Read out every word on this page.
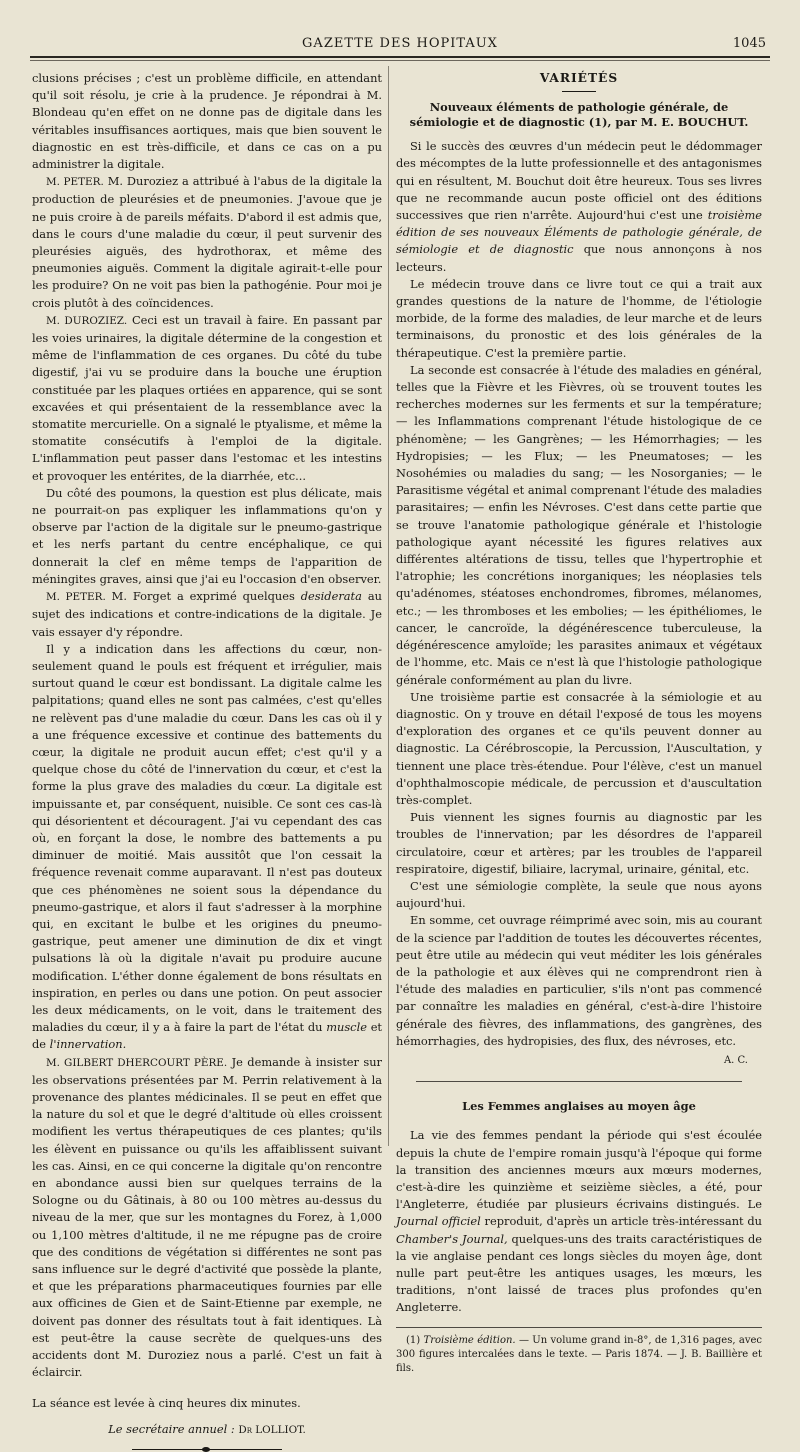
GAZETTE DES HOPITAUX	1045

clusions précises ; c'est un problème difficile, en attendant qu'il soit résolu, je crie à la prudence. Je répondrai à M. Blondeau qu'en effet on ne donne pas de digitale dans les véritables insuffisances aortiques, mais que bien souvent le diagnostic en est très-difficile, et dans ce cas on a pu administrer la digitale.

M. PETER. M. Duroziez a attribué à l'abus de la digitale la production de pleurésies et de pneumonies. J'avoue que je ne puis croire à de pareils méfaits. D'abord il est admis que, dans le cours d'une maladie du cœur, il peut survenir des pleurésies aiguës, des hydrothorax, et même des pneumonies aiguës. Comment la digitale agirait-t-elle pour les produire? On ne voit pas bien la pathogénie. Pour moi je crois plutôt à des coïncidences.

M. DUROZIEZ. Ceci est un travail à faire. En passant par les voies urinaires, la digitale détermine de la congestion et même de l'inflammation de ces organes. Du côté du tube digestif, j'ai vu se produire dans la bouche une éruption constituée par les plaques ortiées en apparence, qui se sont excavées et qui présentaient de la ressemblance avec la stomatite mercurielle. On a signalé le ptyalisme, et même la stomatite consécutifs à l'emploi de la digitale. L'inflammation peut passer dans l'estomac et les intestins et provoquer les entérites, de la diarrhée, etc...

Du côté des poumons, la question est plus délicate, mais ne pourrait-on pas expliquer les inflammations qu'on y observe par l'action de la digitale sur le pneumo-gastrique et les nerfs partant du centre encéphalique, ce qui donnerait la clef en même temps de l'apparition de méningites graves, ainsi que j'ai eu l'occasion d'en observer.

M. PETER. M. Forget a exprimé quelques desiderata au sujet des indications et contre-indications de la digitale. Je vais essayer d'y répondre.

Il y a indication dans les affections du cœur, non-seulement quand le pouls est fréquent et irrégulier, mais surtout quand le cœur est bondissant. La digitale calme les palpitations; quand elles ne sont pas calmées, c'est qu'elles ne relèvent pas d'une maladie du cœur. Dans les cas où il y a une fréquence excessive et continue des battements du cœur, la digitale ne produit aucun effet; c'est qu'il y a quelque chose du côté de l'innervation du cœur, et c'est la forme la plus grave des maladies du cœur. La digitale est impuissante et, par conséquent, nuisible. Ce sont ces cas-là qui désorientent et découragent. J'ai vu cependant des cas où, en forçant la dose, le nombre des battements a pu diminuer de moitié. Mais aussitôt que l'on cessait la fréquence revenait comme auparavant. Il n'est pas douteux que ces phénomènes ne soient sous la dépendance du pneumo-gastrique, et alors il faut s'adresser à la morphine qui, en excitant le bulbe et les origines du pneumo-gastrique, peut amener une diminution de dix et vingt pulsations là où la digitale n'avait pu produire aucune modification. L'éther donne également de bons résultats en inspiration, en perles ou dans une potion. On peut associer les deux médicaments, on le voit, dans le traitement des maladies du cœur, il y a à faire la part de l'état du muscle et de l'innervation.

M. GILBERT DHERCOURT PÈRE. Je demande à insister sur les observations présentées par M. Perrin relativement à la provenance des plantes médicinales. Il se peut en effet que la nature du sol et que le degré d'altitude où elles croissent modifient les vertus thérapeutiques de ces plantes; qu'ils les élèvent en puissance ou qu'ils les affaiblissent suivant les cas. Ainsi, en ce qui concerne la digitale qu'on rencontre en abondance aussi bien sur quelques terrains de la Sologne ou du Gâtinais, à 80 ou 100 mètres au-dessus du niveau de la mer, que sur les montagnes du Forez, à 1,000 ou 1,100 mètres d'altitude, il ne me répugne pas de croire que des conditions de végétation si différentes ne sont pas sans influence sur le degré d'activité que possède la plante, et que les préparations pharmaceutiques fournies par elle aux officines de Gien et de Saint-Etienne par exemple, ne doivent pas donner des résultats tout à fait identiques. Là est peut-être la cause secrète de quelques-uns des accidents dont M. Duroziez nous a parlé. C'est un fait à éclaircir.

La séance est levée à cinq heures dix minutes.

Le secrétaire annuel : Dr LOLLIOT.

VARIÉTÉS
Nouveaux éléments de pathologie générale, de sémiologie et de diagnostic (1), par M. E. BOUCHUT.

Si le succès des œuvres d'un médecin peut le dédommager des mécomptes de la lutte professionnelle et des antagonismes qui en résultent, M. Bouchut doit être heureux. Tous ses livres que ne recommande aucun poste officiel ont des éditions successives que rien n'arrête. Aujourd'hui c'est une troisième édition de ses nouveaux Éléments de pathologie générale, de sémiologie et de diagnostic que nous annonçons à nos lecteurs.

Le médecin trouve dans ce livre tout ce qui a trait aux grandes questions de la nature de l'homme, de l'étiologie morbide, de la forme des maladies, de leur marche et de leurs terminaisons, du pronostic et des lois générales de la thérapeutique. C'est la première partie.

La seconde est consacrée à l'étude des maladies en général, telles que la Fièvre et les Fièvres, où se trouvent toutes les recherches modernes sur les ferments et sur la température; — les Inflammations comprenant l'étude histologique de ce phénomène; — les Gangrènes; — les Hémorrhagies; — les Hydropisies; — les Flux; — les Pneumatoses; — les Nosohémies ou maladies du sang; — les Nosorganies; — le Parasitisme végétal et animal comprenant l'étude des maladies parasitaires; — enfin les Névroses. C'est dans cette partie que se trouve l'anatomie pathologique générale et l'histologie pathologique ayant nécessité les figures relatives aux différentes altérations de tissu, telles que l'hypertrophie et l'atrophie; les concrétions inorganiques; les néoplasies tels qu'adénomes, stéatoses enchondromes, fibromes, mélanomes, etc.; — les thromboses et les embolies; — les épithéliomes, le cancer, le cancroïde, la dégénérescence tuberculeuse, la dégénérescence amyloïde; les parasites animaux et végétaux de l'homme, etc. Mais ce n'est là que l'histologie pathologique générale conformément au plan du livre.

Une troisième partie est consacrée à la sémiologie et au diagnostic. On y trouve en détail l'exposé de tous les moyens d'exploration des organes et ce qu'ils peuvent donner au diagnostic. La Cérébroscopie, la Percussion, l'Auscultation, y tiennent une place très-étendue. Pour l'élève, c'est un manuel d'ophthalmoscopie médicale, de percussion et d'auscultation très-complet.

Puis viennent les signes fournis au diagnostic par les troubles de l'innervation; par les désordres de l'appareil circulatoire, cœur et artères; par les troubles de l'appareil respiratoire, digestif, biliaire, lacrymal, urinaire, génital, etc.

C'est une sémiologie complète, la seule que nous ayons aujourd'hui.

En somme, cet ouvrage réimprimé avec soin, mis au courant de la science par l'addition de toutes les découvertes récentes, peut être utile au médecin qui veut méditer les lois générales de la pathologie et aux élèves qui ne comprendront rien à l'étude des maladies en particulier, s'ils n'ont pas commencé par connaître les maladies en général, c'est-à-dire l'histoire générale des fièvres, des inflammations, des gangrènes, des hémorrhagies, des hydropisies, des flux, des névroses, etc.

A. C.

Les Femmes anglaises au moyen âge

La vie des femmes pendant la période qui s'est écoulée depuis la chute de l'empire romain jusqu'à l'époque qui forme la transition des anciennes mœurs aux mœurs modernes, c'est-à-dire les quinzième et seizième siècles, a été, pour l'Angleterre, étudiée par plusieurs écrivains distingués. Le Journal officiel reproduit, d'après un article très-intéressant du Chamber's Journal, quelques-uns des traits caractéristiques de la vie anglaise pendant ces longs siècles du moyen âge, dont nulle part peut-être les antiques usages, les mœurs, les traditions, n'ont laissé de traces plus profondes qu'en Angleterre.

(1) Troisième édition. — Un volume grand in-8°, de 1,316 pages, avec 300 figures intercalées dans le texte. — Paris 1874. — J. B. Baillière et fils.
